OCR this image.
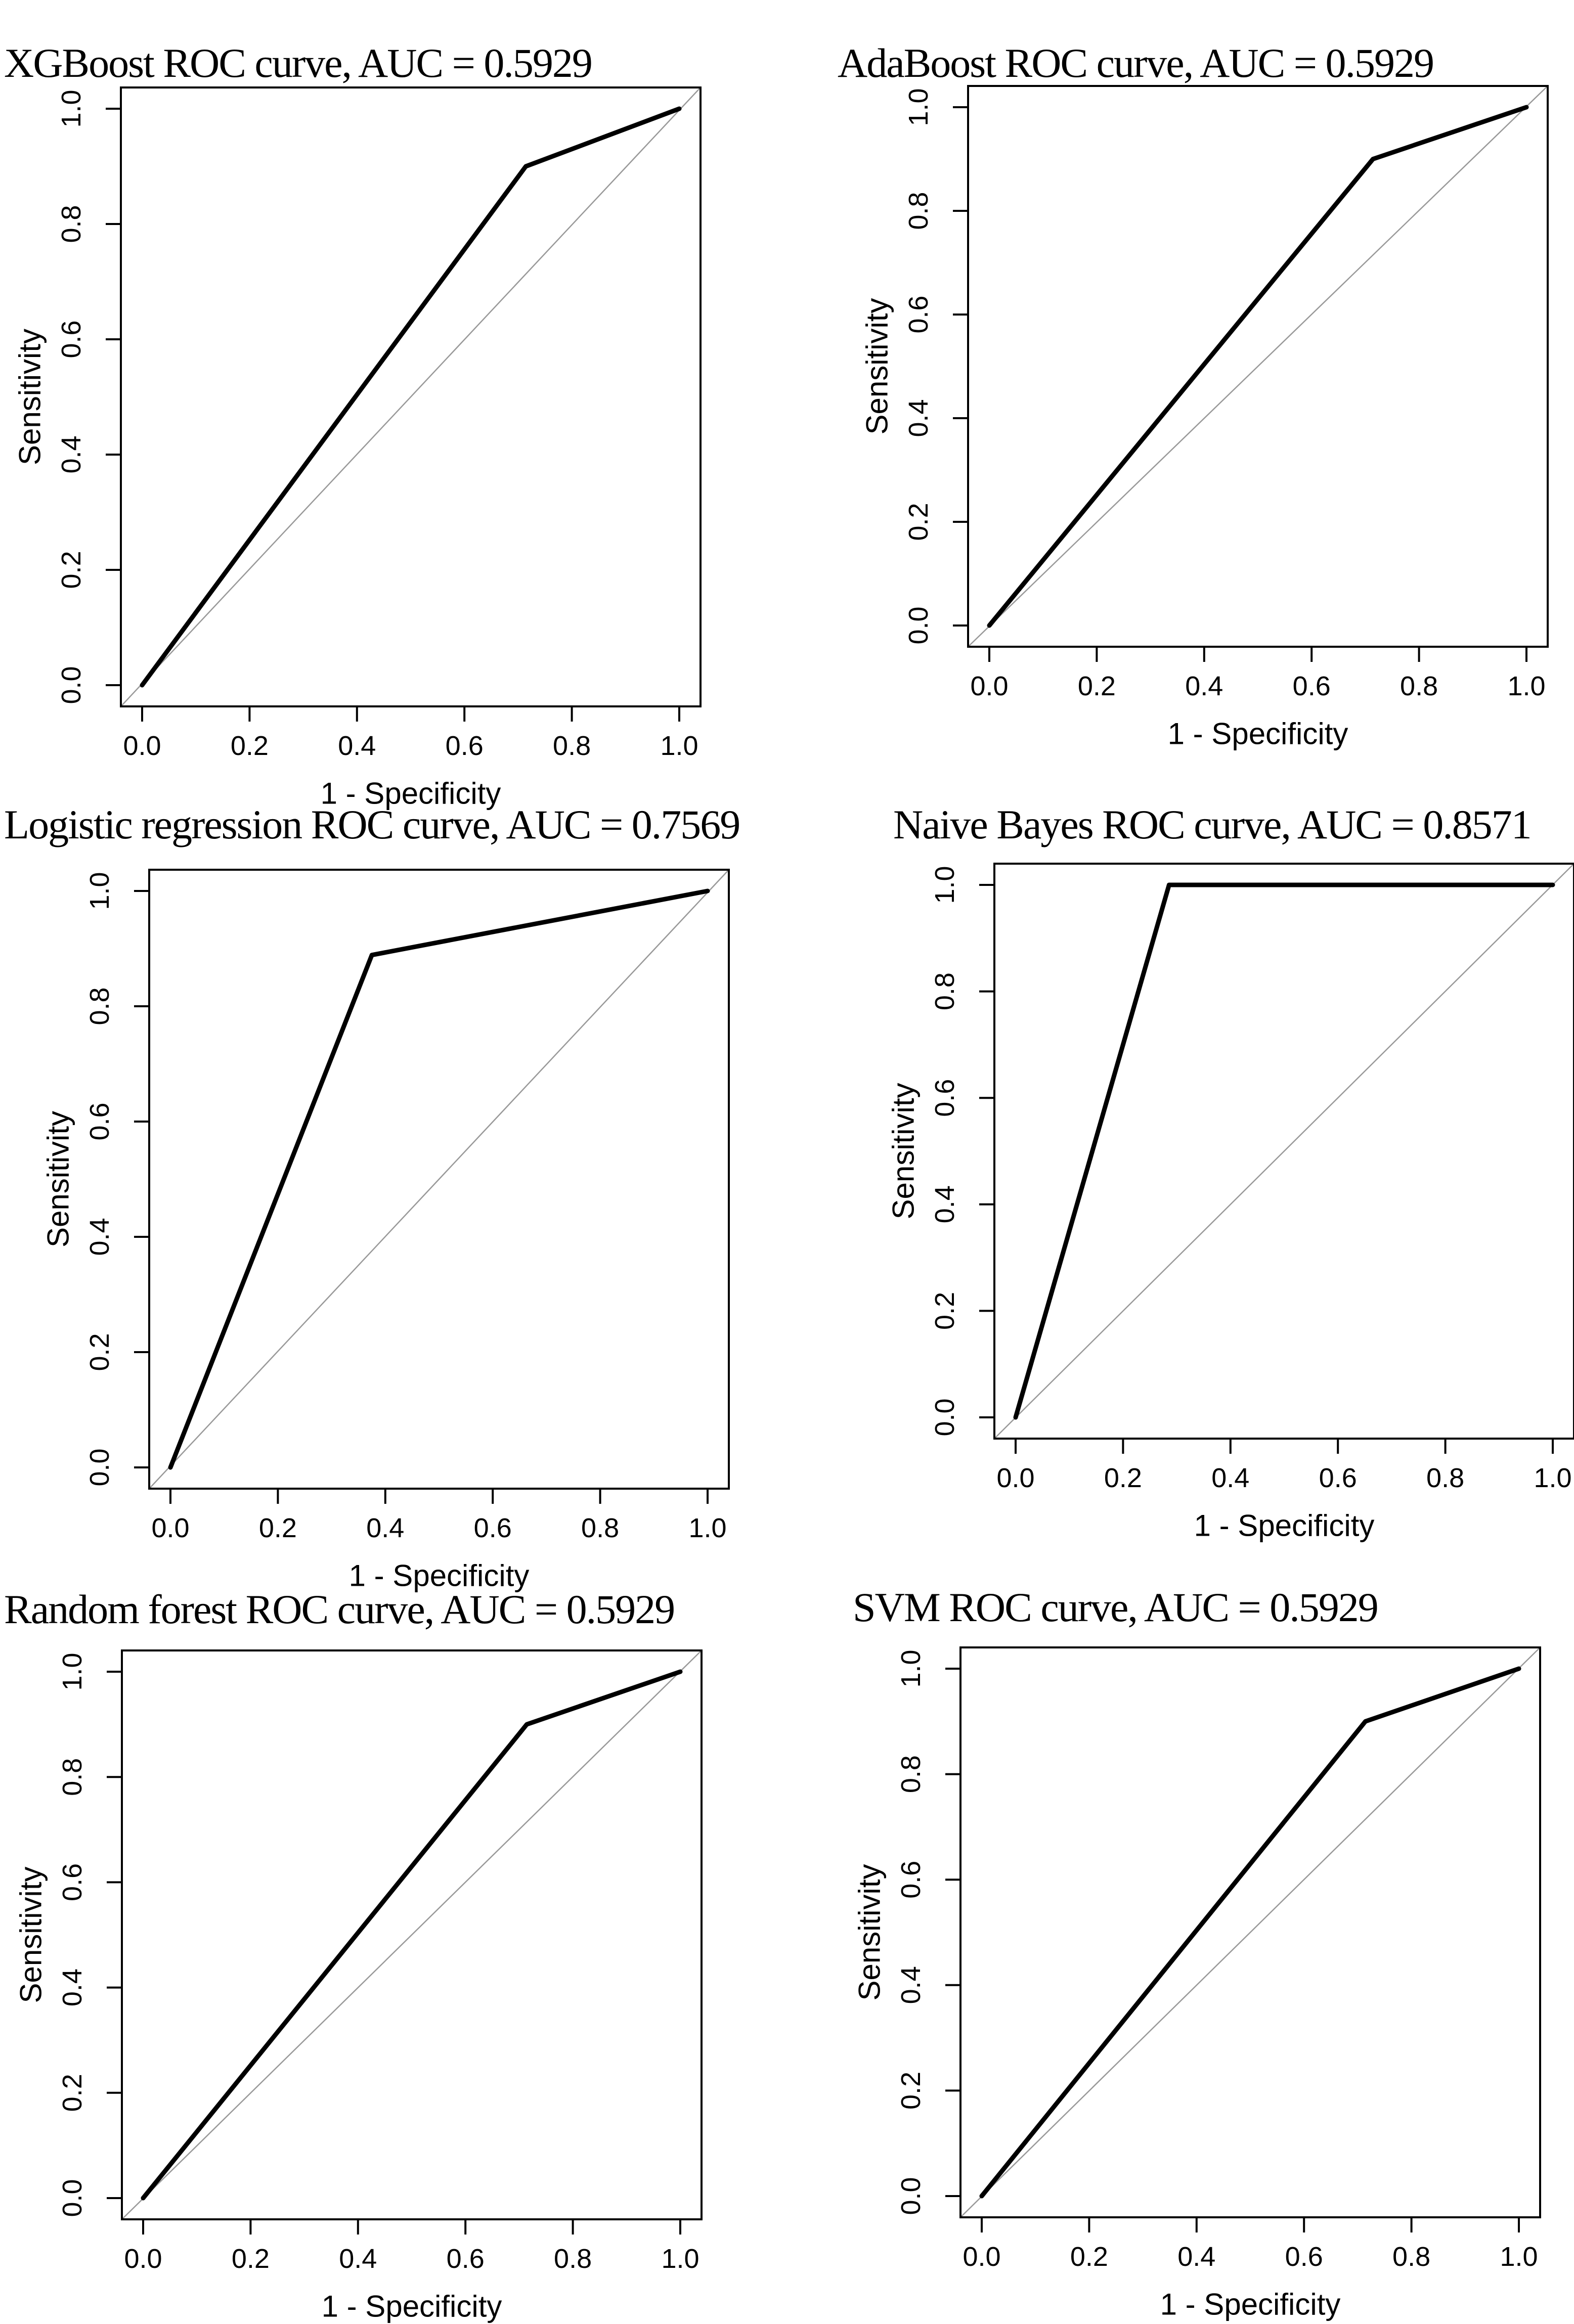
XGBoost ROC curve, AUC = 0.5929	AdaBoost ROC curve, AUC = 0.5929
Logistic regression ROC curve, AUC = 0.7569	Naive Bayes ROC curve, AUC = 0.8571
Random forest ROC curve, AUC = 0.5929	SVM ROC curve, AUC = 0.5929
0.0	0.2	0.4	0.6	0.8	1.0
0.0
0.2
0.4
0.6
0.8
1.0
1 - Specificity
Sensitivity
0.0	0.2	0.4	0.6	0.8	1.0
0.0
0.2
0.4
0.6
0.8
1.0
1 - Specificity
Sensitivity
0.0	0.2	0.4	0.6	0.8	1.0
0.0
0.2
0.4
0.6
0.8
1.0
1 - Specificity
Sensitivity
0.0	0.2	0.4	0.6	0.8	1.0
0.0
0.2
0.4
0.6
0.8
1.0
1 - Specificity
Sensitivity
0.0	0.2	0.4	0.6	0.8	1.0
0.0
0.2
0.4
0.6
0.8
1.0
1 - Specificity
Sensitivity
0.0	0.2	0.4	0.6	0.8	1.0
0.0
0.2
0.4
0.6
0.8
1.0
1 - Specificity
Sensitivity
